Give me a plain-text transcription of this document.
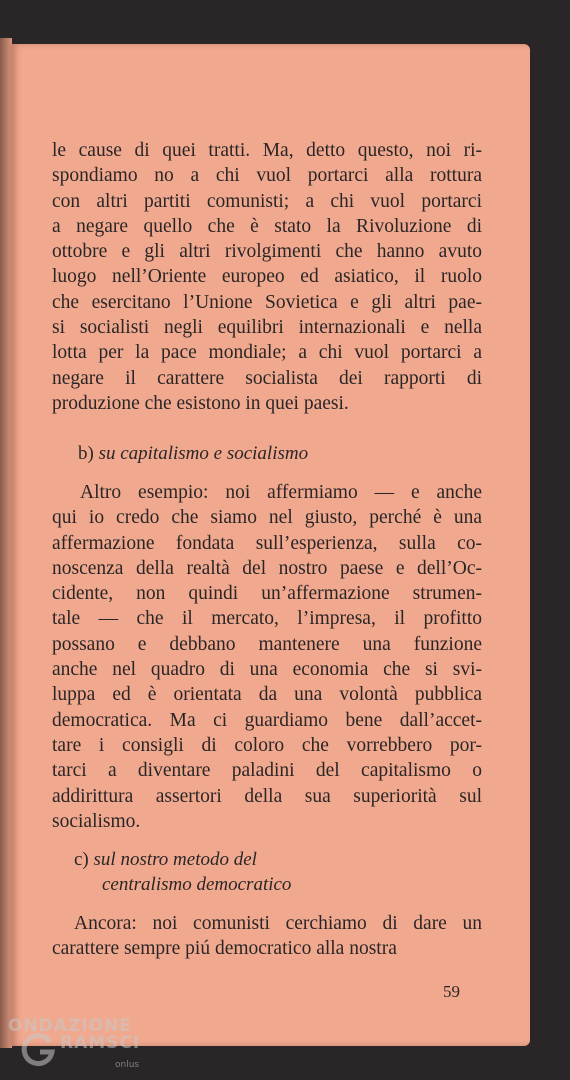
le cause di quei tratti. Ma, detto questo, noi ri-
spondiamo no a chi vuol portarci alla rottura
con altri partiti comunisti; a chi vuol portarci
a negare quello che è stato la Rivoluzione di
ottobre e gli altri rivolgimenti che hanno avuto
luogo nell’Oriente europeo ed asiatico, il ruolo
che esercitano l’Unione Sovietica e gli altri pae-
si socialisti negli equilibri internazionali e nella
lotta per la pace mondiale; a chi vuol portarci a
negare il carattere socialista dei rapporti di
produzione che esistono in quei paesi.
b) su capitalismo e socialismo
Altro esempio: noi affermiamo — e anche
qui io credo che siamo nel giusto, perché è una
affermazione fondata sull’esperienza, sulla co-
noscenza della realtà del nostro paese e dell’Oc-
cidente, non quindi un’affermazione strumen-
tale — che il mercato, l’impresa, il profitto
possano e debbano mantenere una funzione
anche nel quadro di una economia che si svi-
luppa ed è orientata da una volontà pubblica
democratica. Ma ci guardiamo bene dall’accet-
tare i consigli di coloro che vorrebbero por-
tarci a diventare paladini del capitalismo o
addirittura assertori della sua superiorità sul
socialismo.
c) sul nostro metodo del
centralismo democratico
Ancora: noi comunisti cerchiamo di dare un
carattere sempre piú democratico alla nostra
59
ONDAZIONE
RAMSCI
onlus
